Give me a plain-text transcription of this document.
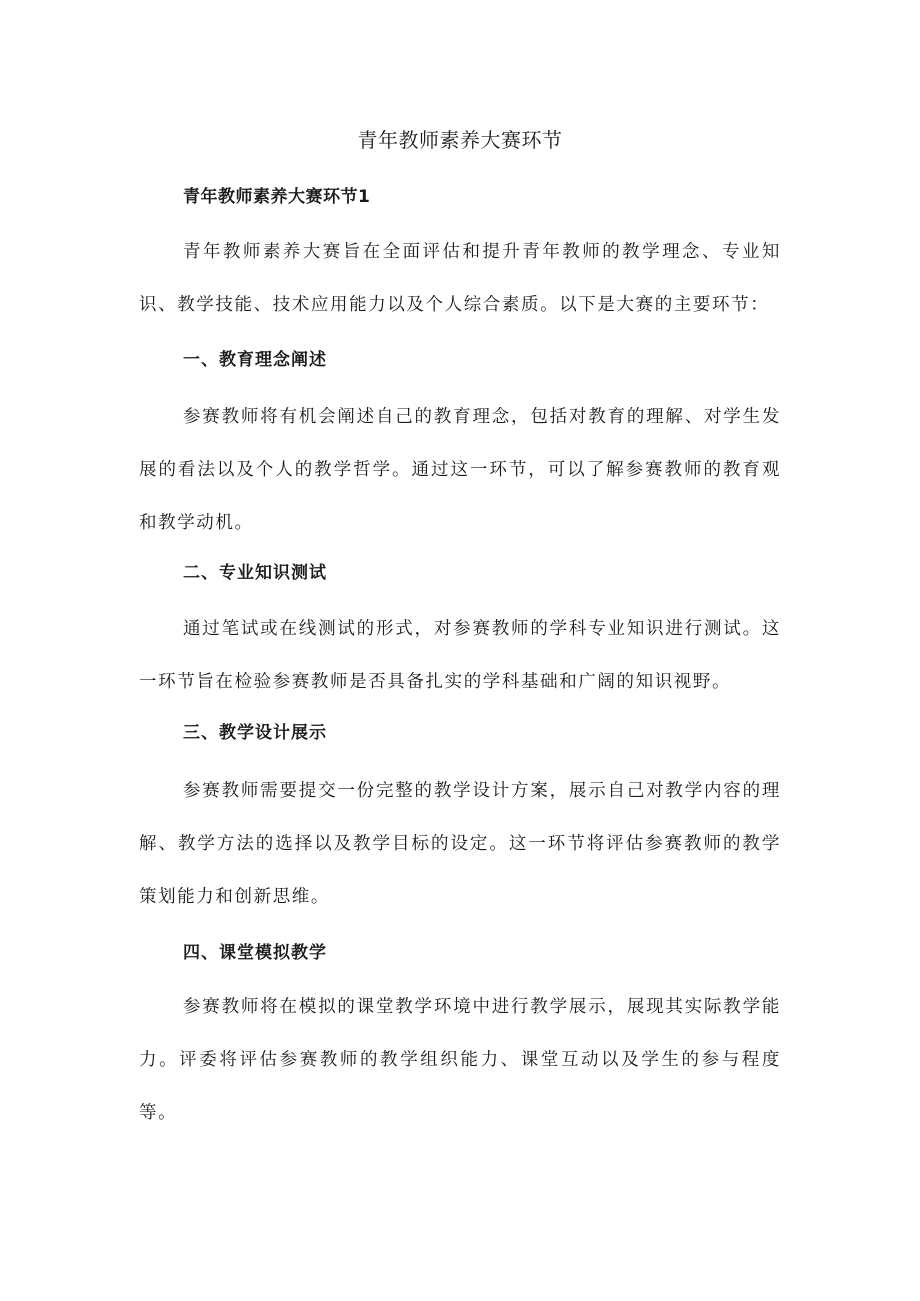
青年教师素养大赛环节
青年教师素养大赛环节1

青年教师素养大赛旨在全面评估和提升青年教师的教学理念、专业知识、教学技能、技术应用能力以及个人综合素质。以下是大赛的主要环节：

一、教育理念阐述

参赛教师将有机会阐述自己的教育理念，包括对教育的理解、对学生发展的看法以及个人的教学哲学。通过这一环节，可以了解参赛教师的教育观和教学动机。

二、专业知识测试

通过笔试或在线测试的形式，对参赛教师的学科专业知识进行测试。这一环节旨在检验参赛教师是否具备扎实的学科基础和广阔的知识视野。

三、教学设计展示

参赛教师需要提交一份完整的教学设计方案，展示自己对教学内容的理解、教学方法的选择以及教学目标的设定。这一环节将评估参赛教师的教学策划能力和创新思维。

四、课堂模拟教学

参赛教师将在模拟的课堂教学环境中进行教学展示，展现其实际教学能力。评委将评估参赛教师的教学组织能力、课堂互动以及学生的参与程度等。
